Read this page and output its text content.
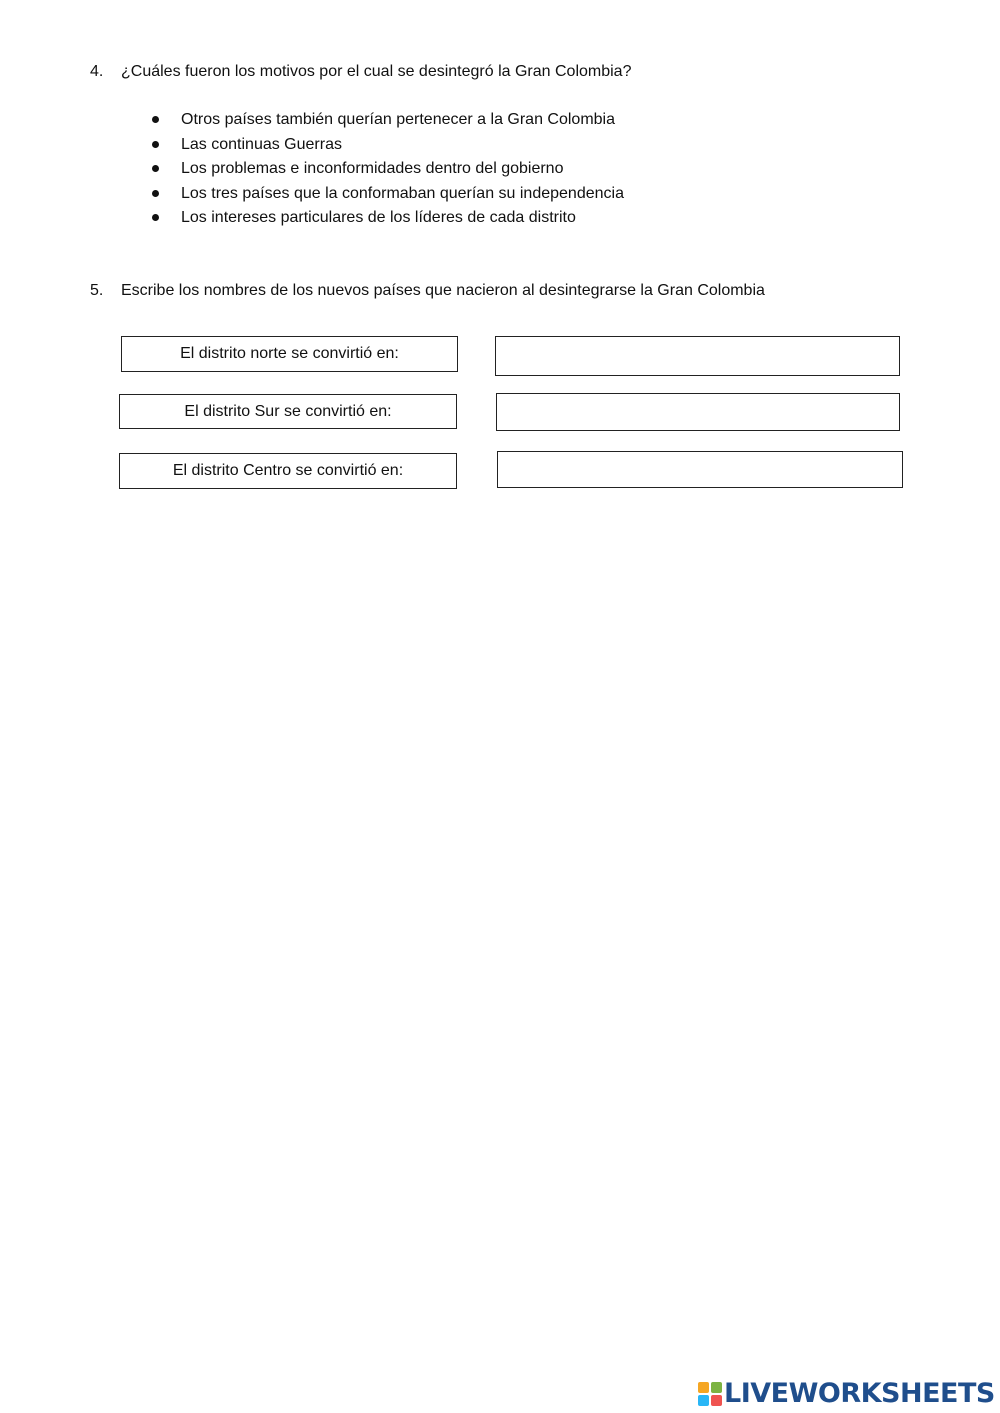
4. ¿Cuáles fueron los motivos por el cual se desintegró la Gran Colombia?
Otros países también querían pertenecer a la Gran Colombia
Las continuas Guerras
Los problemas e inconformidades dentro del gobierno
Los tres países que la conformaban querían su independencia
Los intereses particulares de los líderes de cada distrito
5. Escribe los nombres de los nuevos países que nacieron al desintegrarse la Gran Colombia
El distrito norte se convirtió en:
El distrito Sur se convirtió en:
El distrito Centro se convirtió en:
LIVEWORKSHEETS
